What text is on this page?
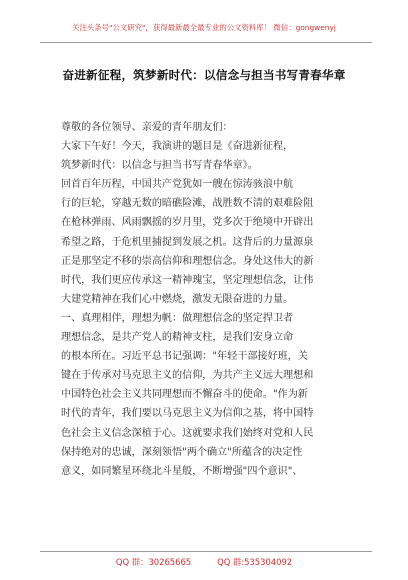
关注头条号"公文研究"，获得最新最全最专业的公文资料库！ 微信：gongwenyj
奋进新征程，筑梦新时代：以信念与担当书写青春华章

尊敬的各位领导、亲爱的青年朋友们：

大家下午好！今天，我演讲的题目是《奋进新征程，

筑梦新时代：以信念与担当书写青春华章》。

回首百年历程，中国共产党犹如一艘在惊涛骇浪中航

行的巨轮，穿越无数的暗礁险滩，战胜数不清的艰难险阻

在枪林弹雨、风雨飘摇的岁月里，党多次于绝境中开辟出

希望之路，于危机里捕捉到发展之机。这背后的力量源泉

正是那坚定不移的崇高信仰和理想信念。身处这伟大的新

时代，我们更应传承这一精神瑰宝，坚定理想信念，让伟

大建党精神在我们心中燃烧，激发无限奋进的力量。

一、真理相伴，理想为帆：做理想信念的坚定捍卫者

理想信念，是共产党人的精神支柱，是我们安身立命

的根本所在。习近平总书记强调："年轻干部接好班，关

键在于传承对马克思主义的信仰，为共产主义远大理想和

中国特色社会主义共同理想而不懈奋斗的使命。"作为新

时代的青年，我们要以马克思主义为信仰之基，将中国特

色社会主义信念深植于心。这就要求我们始终对党和人民

保持绝对的忠诚，深刻领悟"两个确立"所蕴含的决定性

意义，如同繁星环绕北斗星般，不断增强"四个意识"、

QQ 群：30265665	QQ 群:535304092
